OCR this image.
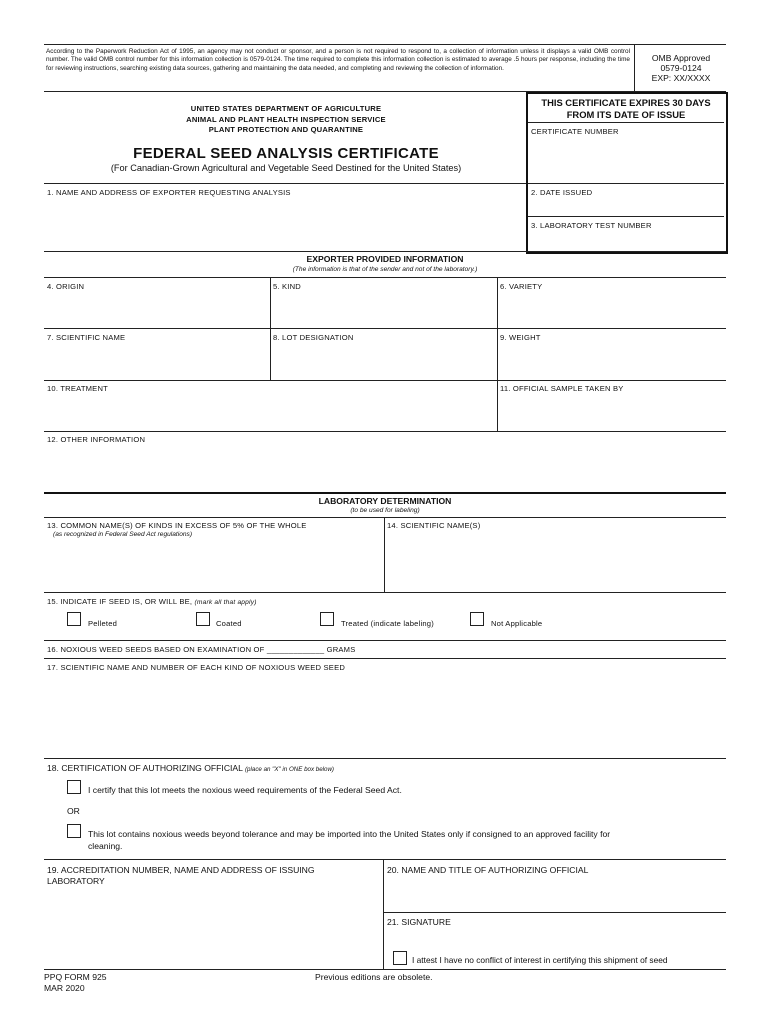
According to the Paperwork Reduction Act of 1995, an agency may not conduct or sponsor, and a person is not required to respond to, a collection of information unless it displays a valid OMB control number. The valid OMB control number for this information collection is 0579-0124. The time required to complete this information collection is estimated to average .5 hours per response, including the time for reviewing instructions, searching existing data sources, gathering and maintaining the data needed, and completing and reviewing the collection of information.
OMB Approved
0579-0124
EXP: XX/XXXX
UNITED STATES DEPARTMENT OF AGRICULTURE
ANIMAL AND PLANT HEALTH INSPECTION SERVICE
PLANT PROTECTION AND QUARANTINE
FEDERAL SEED ANALYSIS CERTIFICATE
(For Canadian-Grown Agricultural and Vegetable Seed Destined for the United States)
THIS CERTIFICATE EXPIRES 30 DAYS
FROM ITS DATE OF ISSUE
CERTIFICATE NUMBER
2. DATE ISSUED
3. LABORATORY TEST NUMBER
1. NAME AND ADDRESS OF EXPORTER REQUESTING ANALYSIS
EXPORTER PROVIDED INFORMATION
(The information is that of the sender and not of the laboratory.)
4. ORIGIN	5. KIND	6. VARIETY
7. SCIENTIFIC NAME	8. LOT DESIGNATION	9. WEIGHT
10. TREATMENT	11. OFFICIAL SAMPLE TAKEN BY
12. OTHER INFORMATION
LABORATORY DETERMINATION
(to be used for labeling)
13. COMMON NAME(S) OF KINDS IN EXCESS OF 5% OF THE WHOLE
(as recognized in Federal Seed Act regulations)
14. SCIENTIFIC NAME(S)
15. INDICATE IF SEED IS, OR WILL BE, (mark all that apply)
Pelleted	Coated	Treated (indicate labeling)	Not Applicable
16. NOXIOUS WEED SEEDS BASED ON EXAMINATION OF _____________ GRAMS
17. SCIENTIFIC NAME AND NUMBER OF EACH KIND OF NOXIOUS WEED SEED
18. CERTIFICATION OF AUTHORIZING OFFICIAL (place an "X" in ONE box below)
I certify that this lot meets the noxious weed requirements of the Federal Seed Act.
OR
This lot contains noxious weeds beyond tolerance and may be imported into the United States only if consigned to an approved facility for
cleaning.
19. ACCREDITATION NUMBER, NAME AND ADDRESS OF ISSUING
LABORATORY
20. NAME AND TITLE OF AUTHORIZING OFFICIAL
21. SIGNATURE
I attest I have no conflict of interest in certifying this shipment of seed
PPQ FORM 925
MAR 2020
Previous editions are obsolete.
